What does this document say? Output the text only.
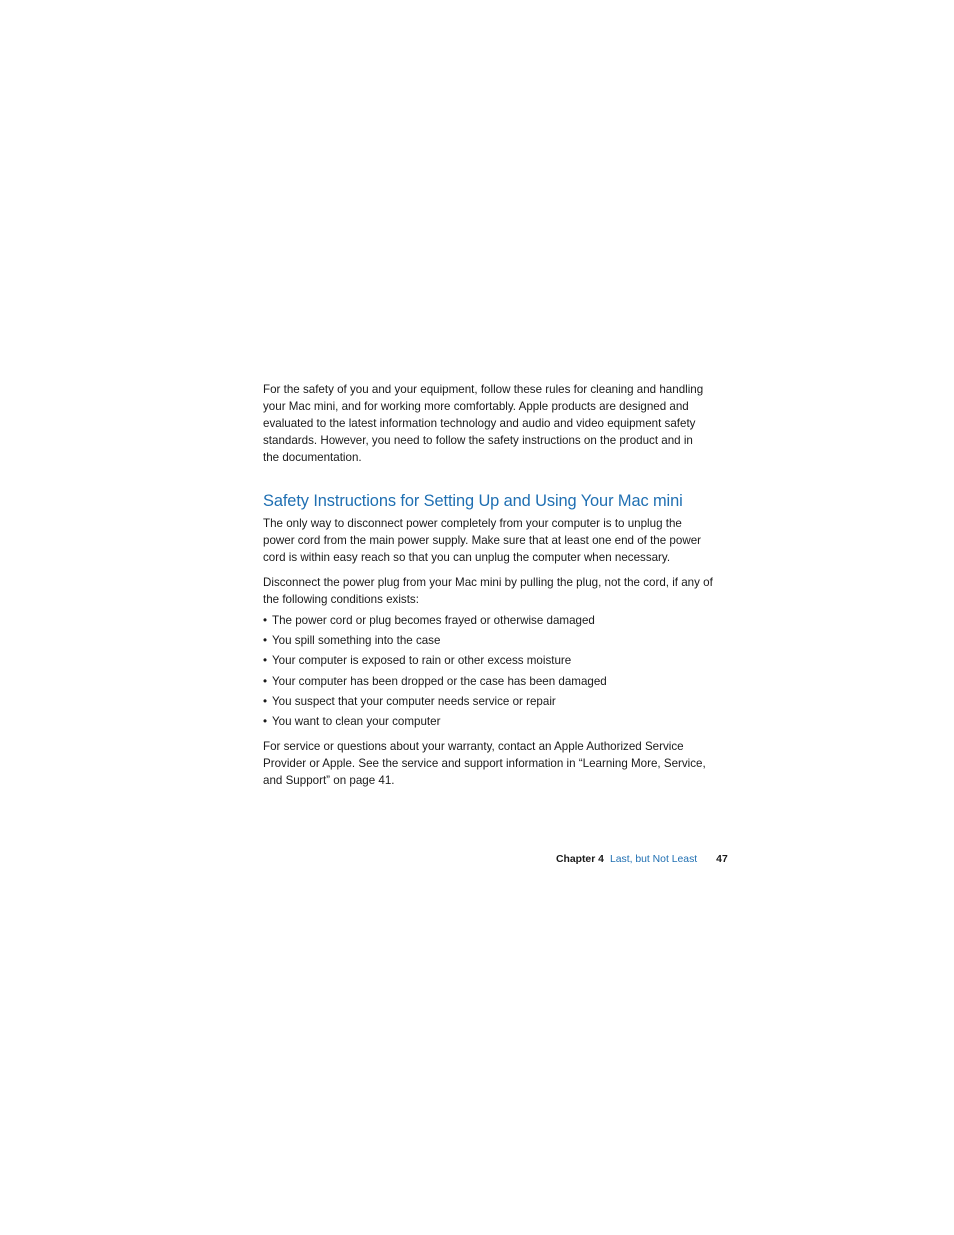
For the safety of you and your equipment, follow these rules for cleaning and handling your Mac mini, and for working more comfortably. Apple products are designed and evaluated to the latest information technology and audio and video equipment safety standards. However, you need to follow the safety instructions on the product and in the documentation.

Safety Instructions for Setting Up and Using Your Mac mini

The only way to disconnect power completely from your computer is to unplug the power cord from the main power supply. Make sure that at least one end of the power cord is within easy reach so that you can unplug the computer when necessary.

Disconnect the power plug from your Mac mini by pulling the plug, not the cord, if any of the following conditions exists:

• The power cord or plug becomes frayed or otherwise damaged
• You spill something into the case
• Your computer is exposed to rain or other excess moisture
• Your computer has been dropped or the case has been damaged
• You suspect that your computer needs service or repair
• You want to clean your computer

For service or questions about your warranty, contact an Apple Authorized Service Provider or Apple. See the service and support information in “Learning More, Service, and Support” on page 41.

Chapter 4 Last, but Not Least 47
